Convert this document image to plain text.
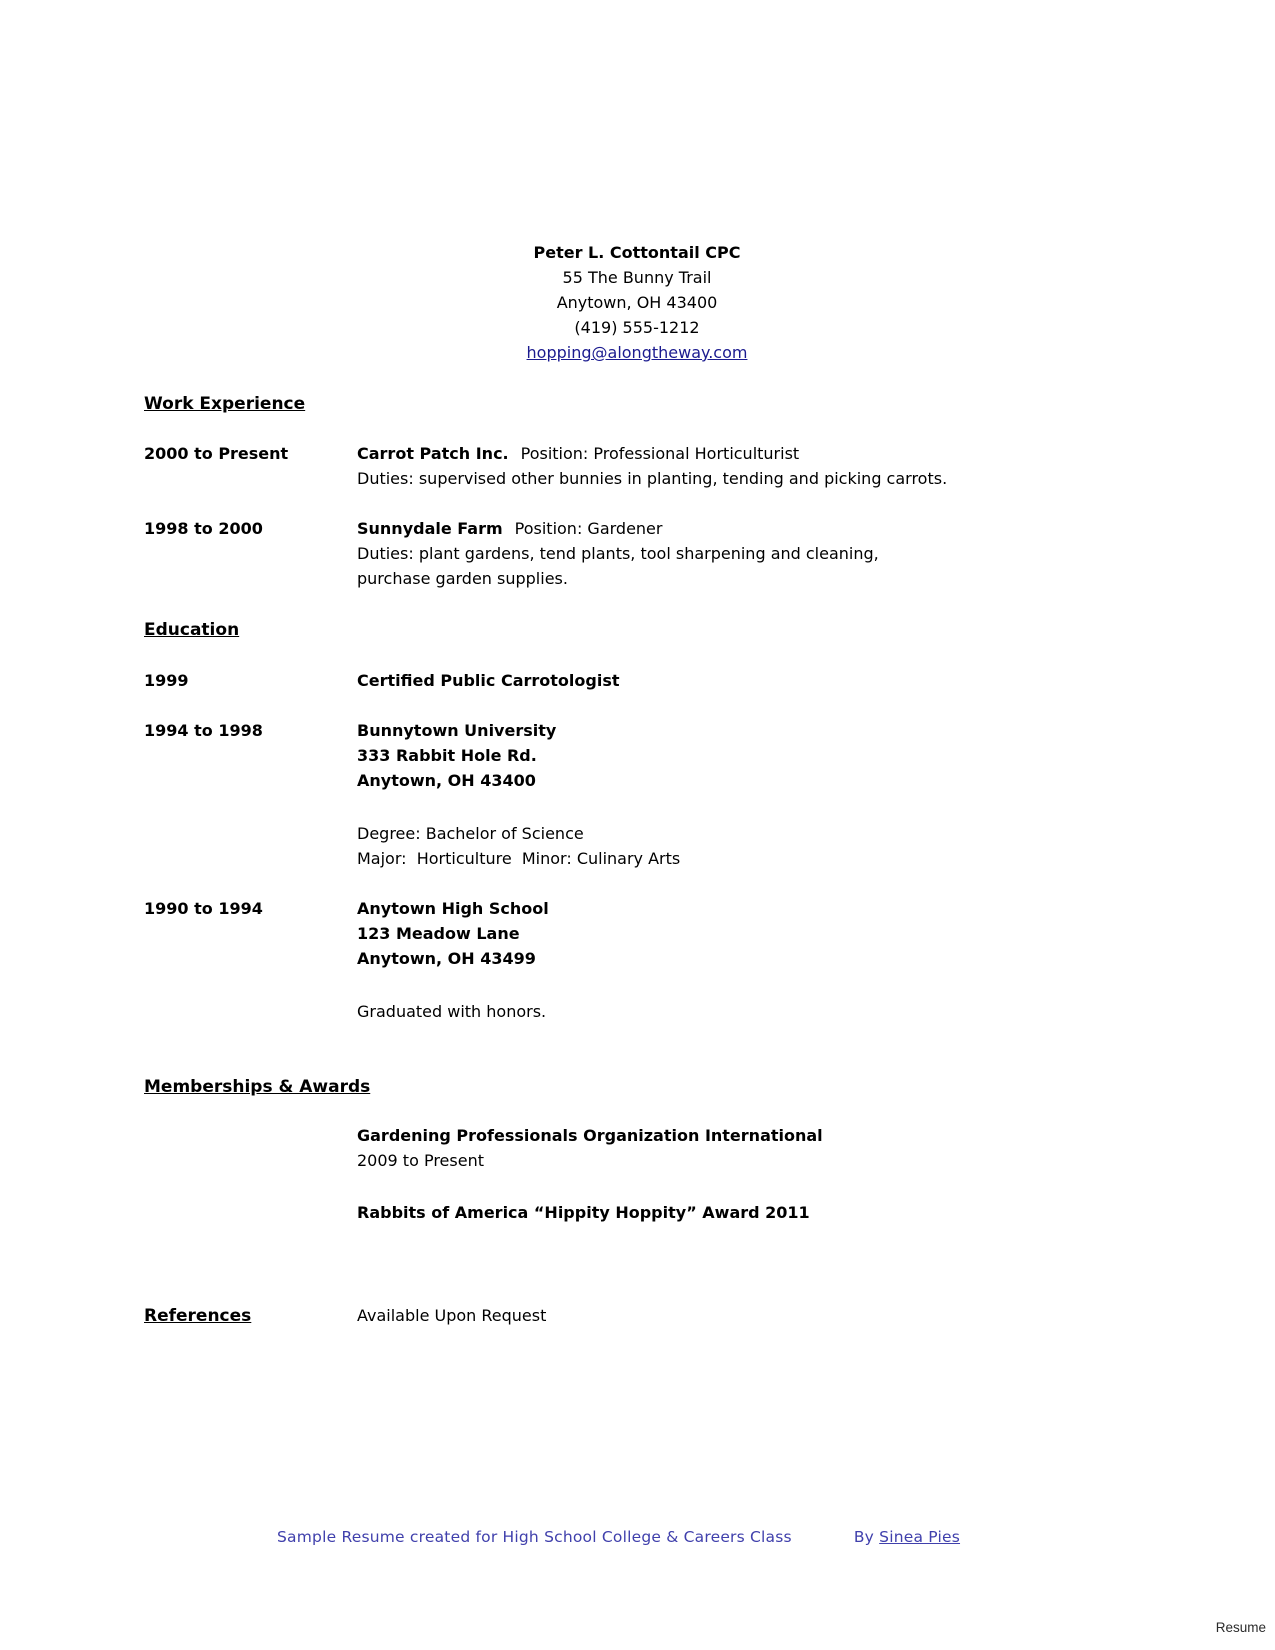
Peter L. Cottontail CPC
55 The Bunny Trail
Anytown, OH 43400
(419) 555-1212
hopping@alongtheway.com
Work Experience
2000 to Present	Carrot Patch Inc. Position: Professional Horticulturist
Duties: supervised other bunnies in planting, tending and picking carrots.
1998 to 2000	Sunnydale Farm Position: Gardener
Duties: plant gardens, tend plants, tool sharpening and cleaning,
purchase garden supplies.
Education
1999	Certified Public Carrotologist
1994 to 1998	Bunnytown University
333 Rabbit Hole Rd.
Anytown, OH 43400
Degree: Bachelor of Science
Major:  Horticulture  Minor: Culinary Arts
1990 to 1994	Anytown High School
123 Meadow Lane
Anytown, OH 43499
Graduated with honors.
Memberships & Awards
Gardening Professionals Organization International
2009 to Present
Rabbits of America “Hippity Hoppity” Award 2011
References	Available Upon Request
Sample Resume created for High School College & Careers Class	By Sinea Pies
Resume
